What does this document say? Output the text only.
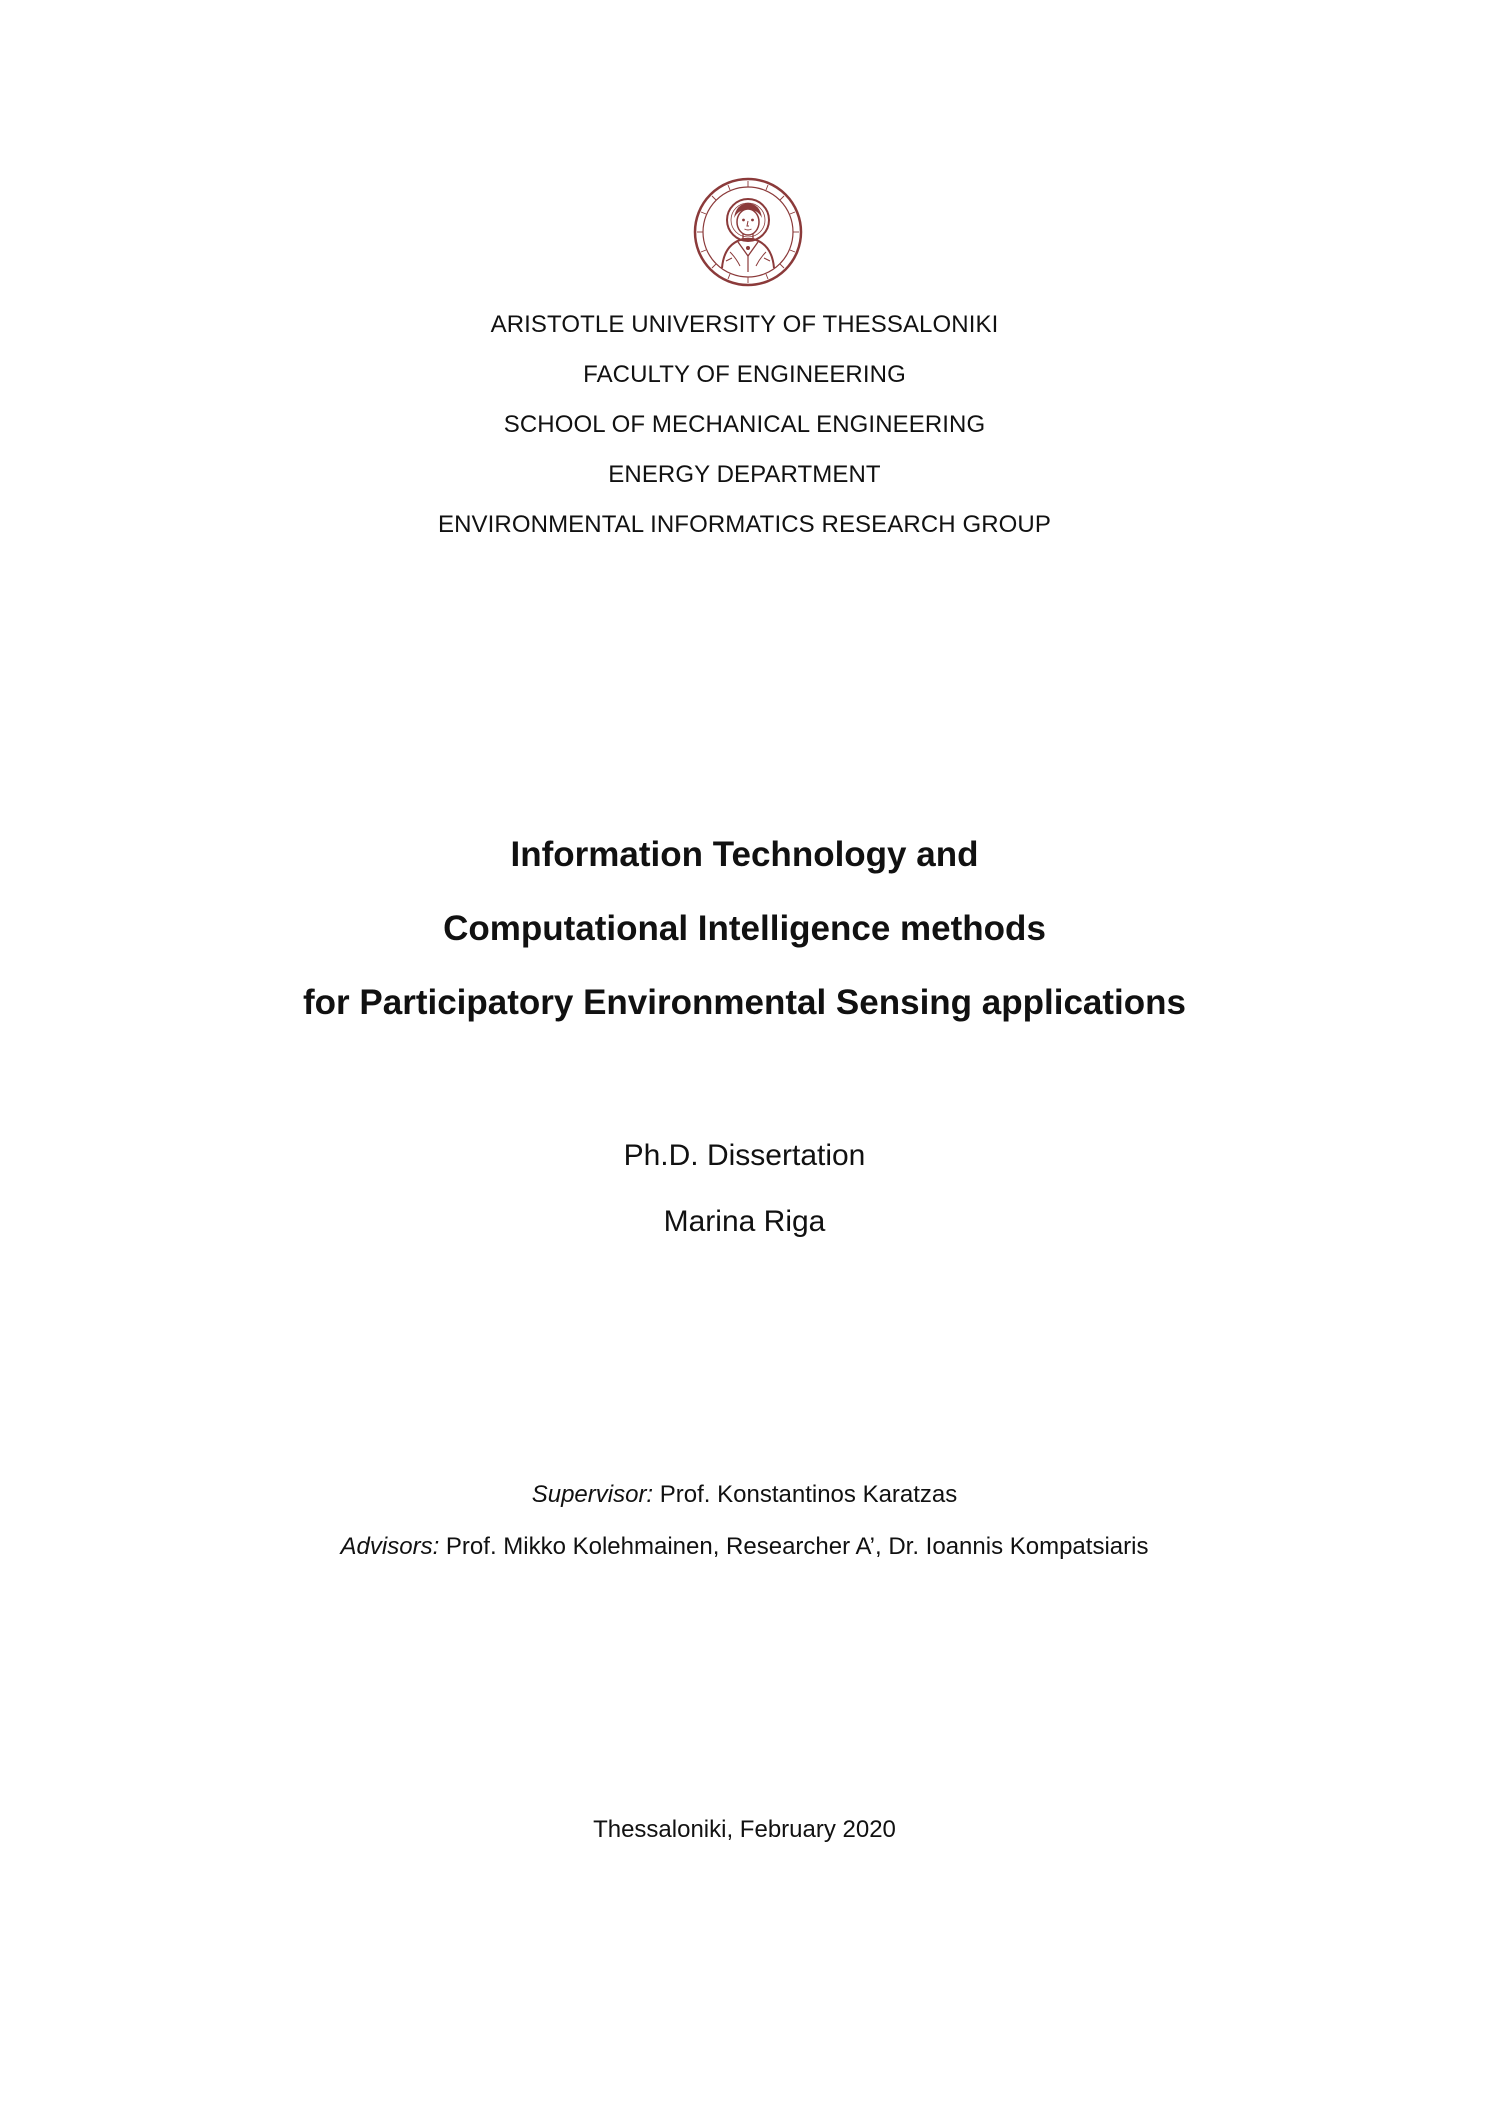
ARISTOTLE UNIVERSITY OF THESSALONIKI
FACULTY OF ENGINEERING
SCHOOL OF MECHANICAL ENGINEERING
ENERGY DEPARTMENT
ENVIRONMENTAL INFORMATICS RESEARCH GROUP
Information Technology and
Computational Intelligence methods
for Participatory Environmental Sensing applications
Ph.D. Dissertation
Marina Riga
Supervisor: Prof. Konstantinos Karatzas
Advisors: Prof. Mikko Kolehmainen, Researcher A’, Dr. Ioannis Kompatsiaris
Thessaloniki, February 2020
